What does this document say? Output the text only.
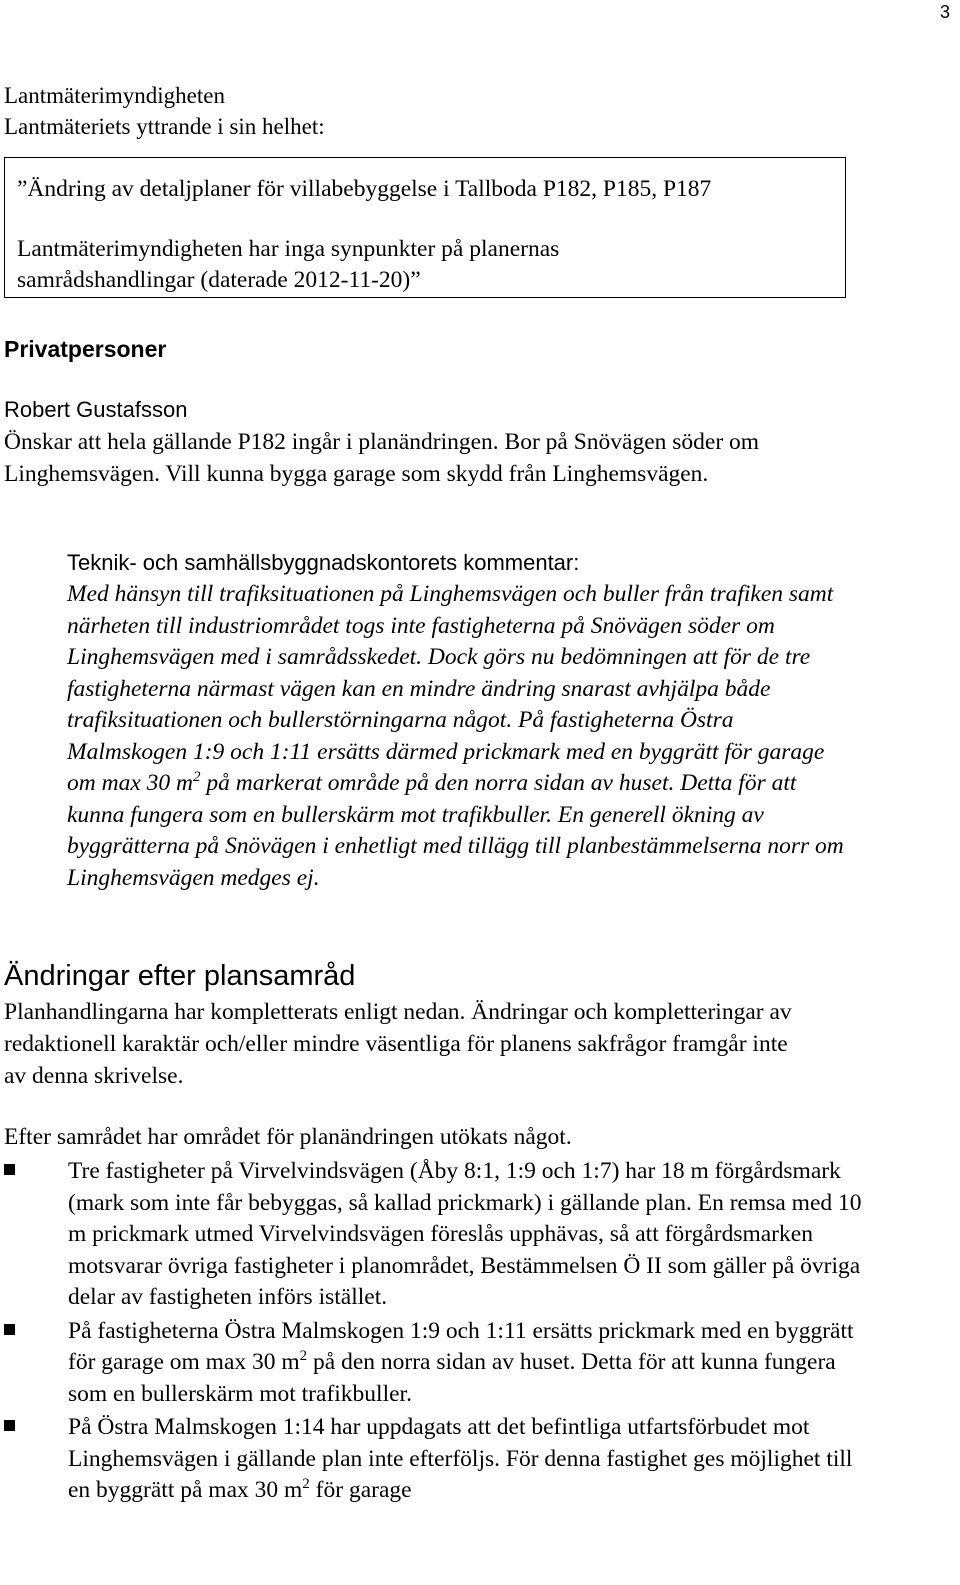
3
Lantmäterimyndigheten
Lantmäteriets yttrande i sin helhet:
”Ändring av detaljplaner för villabebyggelse i Tallboda P182, P185, P187
Lantmäterimyndigheten har inga synpunkter på planernas
samrådshandlingar (daterade 2012-11-20)”
Privatpersoner
Robert Gustafsson
Önskar att hela gällande P182 ingår i planändringen. Bor på Snövägen söder om Linghemsvägen. Vill kunna bygga garage som skydd från Linghemsvägen.
Teknik- och samhällsbyggnadskontorets kommentar:
Med hänsyn till trafiksituationen på Linghemsvägen och buller från trafiken samt närheten till industriområdet togs inte fastigheterna på Snövägen söder om Linghemsvägen med i samrådsskedet. Dock görs nu bedömningen att för de tre fastigheterna närmast vägen kan en mindre ändring snarast avhjälpa både trafiksituationen och bullerstörningarna något. På fastigheterna Östra Malmskogen 1:9 och 1:11 ersätts därmed prickmark med en byggrätt för garage om max 30 $m^2$ på markerat område på den norra sidan av huset. Detta för att kunna fungera som en bullerskärm mot trafikbuller. En generell ökning av byggrätterna på Snövägen i enhetligt med tillägg till planbestämmelserna norr om Linghemsvägen medges ej.
Ändringar efter plansamråd
Planhandlingarna har kompletterats enligt nedan. Ändringar och kompletteringar av redaktionell karaktär och/eller mindre väsentliga för planens sakfrågor framgår inte av denna skrivelse.
Efter samrådet har området för planändringen utökats något.
Tre fastigheter på Virvelvindsvägen (Åby 8:1, 1:9 och 1:7) har 18 m förgårdsmark (mark som inte får bebyggas, så kallad prickmark) i gällande plan. En remsa med 10 m prickmark utmed Virvelvindsvägen föreslås upphävas, så att förgårdsmarken motsvarar övriga fastigheter i planområdet, Bestämmelsen Ö II som gäller på övriga delar av fastigheten införs istället.
På fastigheterna Östra Malmskogen 1:9 och 1:11 ersätts prickmark med en byggrätt för garage om max 30 $m^2$ på den norra sidan av huset. Detta för att kunna fungera som en bullerskärm mot trafikbuller.
På Östra Malmskogen 1:14 har uppdagats att det befintliga utfartsförbudet mot Linghemsvägen i gällande plan inte efterföljs. För denna fastighet ges möjlighet till en byggrätt på max 30 $m^2$ för garage
